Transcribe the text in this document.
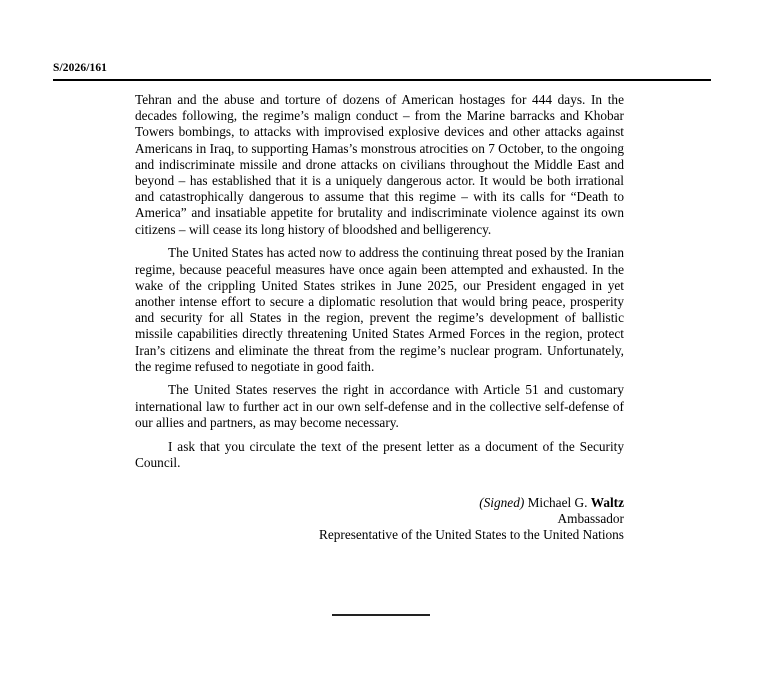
S/2026/161

Tehran and the abuse and torture of dozens of American hostages for 444 days. In the decades following, the regime’s malign conduct – from the Marine barracks and Khobar Towers bombings, to attacks with improvised explosive devices and other attacks against Americans in Iraq, to supporting Hamas’s monstrous atrocities on 7 October, to the ongoing and indiscriminate missile and drone attacks on civilians throughout the Middle East and beyond – has established that it is a uniquely dangerous actor. It would be both irrational and catastrophically dangerous to assume that this regime – with its calls for “Death to America” and insatiable appetite for brutality and indiscriminate violence against its own citizens – will cease its long history of bloodshed and belligerency.

The United States has acted now to address the continuing threat posed by the Iranian regime, because peaceful measures have once again been attempted and exhausted. In the wake of the crippling United States strikes in June 2025, our President engaged in yet another intense effort to secure a diplomatic resolution that would bring peace, prosperity and security for all States in the region, prevent the regime’s development of ballistic missile capabilities directly threatening United States Armed Forces in the region, protect Iran’s citizens and eliminate the threat from the regime’s nuclear program. Unfortunately, the regime refused to negotiate in good faith.

The United States reserves the right in accordance with Article 51 and customary international law to further act in our own self-defense and in the collective self-defense of our allies and partners, as may become necessary.

I ask that you circulate the text of the present letter as a document of the Security Council.

(Signed) Michael G. Waltz
Ambassador
Representative of the United States to the United Nations
